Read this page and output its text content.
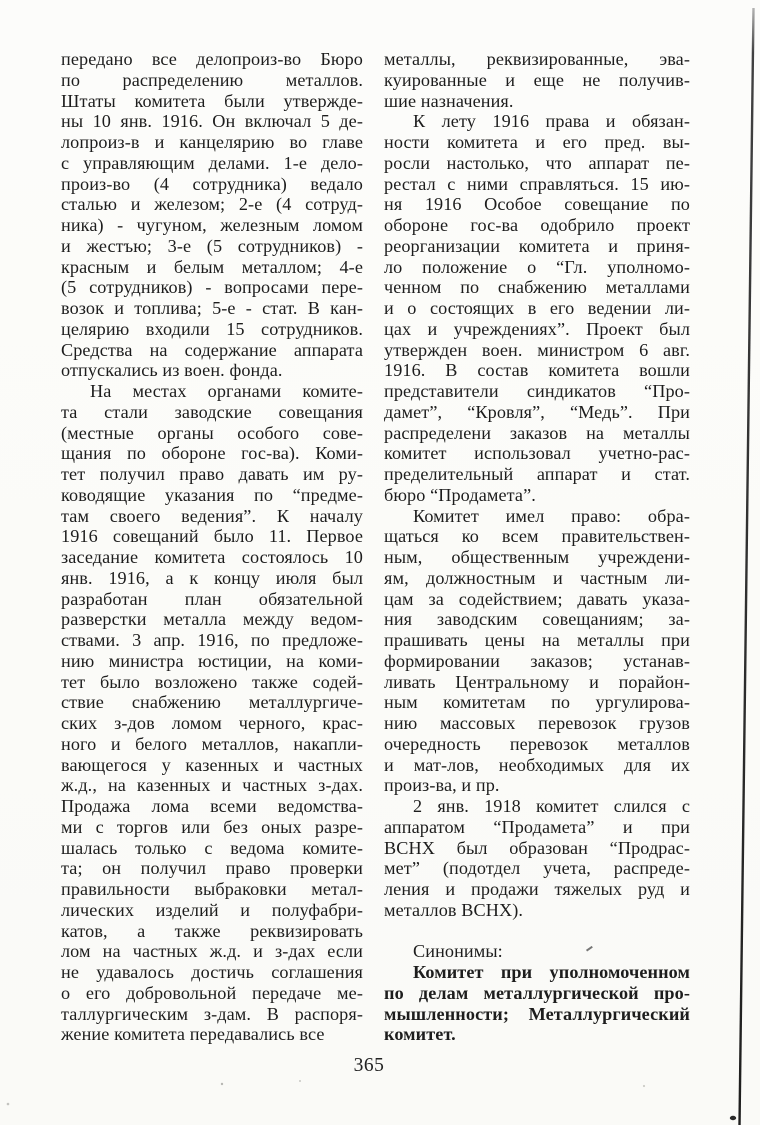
передано все делопроиз-во Бюро
по распределению металлов.
Штаты комитета были утвержде-
ны 10 янв. 1916. Он включал 5 де-
лопроиз-в и канцелярию во главе
с управляющим делами. 1-е дело-
произ-во (4 сотрудника) ведало
сталью и железом; 2-е (4 сотруд-
ника) - чугуном, железным ломом
и жестъю; 3-е (5 сотрудников) -
красным и белым металлом; 4-е
(5 сотрудников) - вопросами пере-
возок и топлива; 5-е - стат. В кан-
целярию входили 15 сотрудников.
Средства на содержание аппарата
отпускались из воен. фонда.
На местах органами комите-
та стали заводские совещания
(местные органы особого сове-
щания по обороне гос-ва). Коми-
тет получил право давать им ру-
ководящие указания по “предме-
там своего ведения”. К началу
1916 совещаний было 11. Первое
заседание комитета состоялось 10
янв. 1916, а к концу июля был
разработан план обязательной
разверстки металла между ведом-
ствами. 3 апр. 1916, по предложе-
нию министра юстиции, на коми-
тет было возложено также содей-
ствие снабжению металлургиче-
ских з-дов ломом черного, крас-
ного и белого металлов, накапли-
вающегося у казенных и частных
ж.д., на казенных и частных з-дах.
Продажа лома всеми ведомства-
ми с торгов или без оных разре-
шалась только с ведома комите-
та; он получил право проверки
правильности выбраковки метал-
лических изделий и полуфабри-
катов, а также реквизировать
лом на частных ж.д. и з-дах если
не удавалось достичь соглашения
о его добровольной передаче ме-
таллургическим з-дам. В распоря-
жение комитета передавались все
металлы, реквизированные, эва-
куированные и еще не получив-
шие назначения.
К лету 1916 права и обязан-
ности комитета и его пред. вы-
росли настолько, что аппарат пе-
рестал с ними справляться. 15 ию-
ня 1916 Особое совещание по
обороне гос-ва одобрило проект
реорганизации комитета и приня-
ло положение о “Гл. уполномо-
ченном по снабжению металлами
и о состоящих в его ведении ли-
цах и учреждениях”. Проект был
утвержден воен. министром 6 авг.
1916. В состав комитета вошли
представители синдикатов “Про-
дамет”, “Кровля”, “Медь”. При
распределени заказов на металлы
комитет использовал учетно-рас-
пределительный аппарат и стат.
бюро “Продамета”.
Комитет имел право: обра-
щаться ко всем правительствен-
ным, общественным учреждени-
ям, должностным и частным ли-
цам за содействием; давать указа-
ния заводским совещаниям; за-
прашивать цены на металлы при
формировании заказов; устанав-
ливать Центральному и порайон-
ным комитетам по ургулирова-
нию массовых перевозок грузов
очередность перевозок металлов
и мат-лов, необходимых для их
произ-ва, и пр.
2 янв. 1918 комитет слился с
аппаратом “Продамета” и при
ВСНХ был образован “Продрас-
мет” (подотдел учета, распреде-
ления и продажи тяжелых руд и
металлов ВСНХ).
Синонимы:
Комитет при уполномоченном
по делам металлургической про-
мышленности; Металлургический
комитет.
365
